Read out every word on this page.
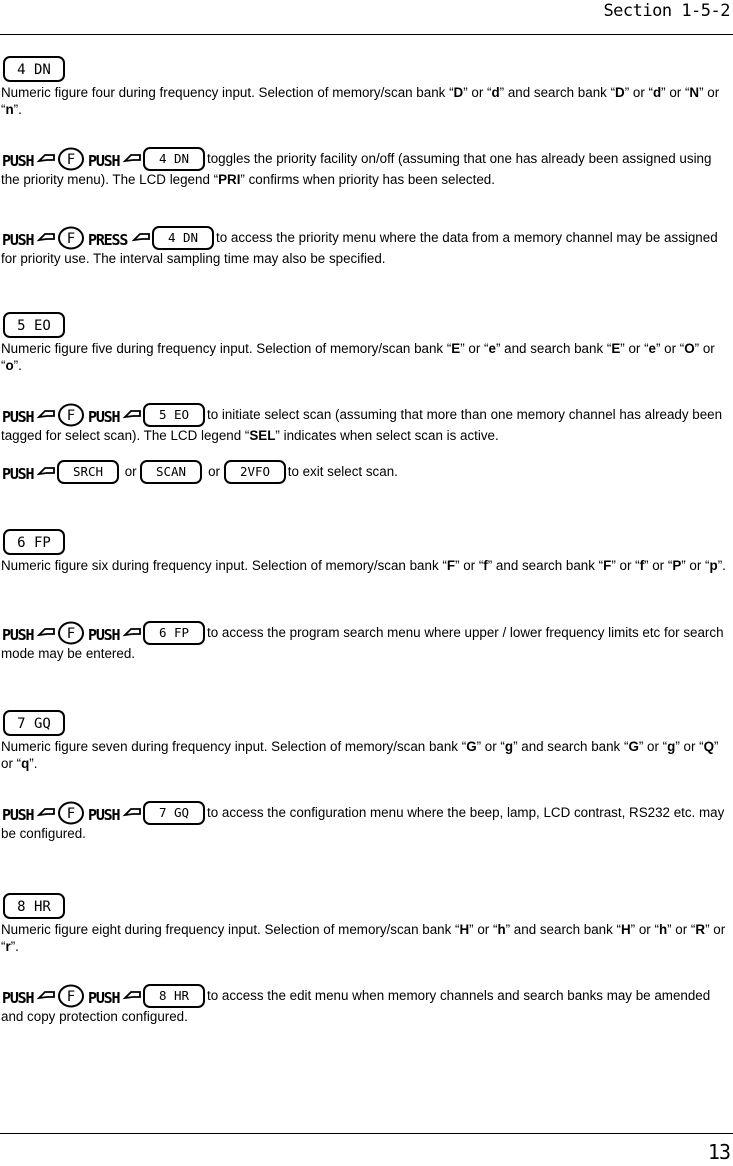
Section 1-5-2
4 DN

Numeric figure four during frequency input. Selection of memory/scan bank “D” or “d” and search bank “D” or “d” or “N” or “n”.

PUSH F PUSH	4 DN toggles the priority facility on/off (assuming that one has already been assigned using the priority menu). The LCD legend “PRI” confirms when priority has been selected.

PUSH F PRESS	4 DN to access the priority menu where the data from a memory channel may be assigned for priority use. The interval sampling time may also be specified.

5 EO

Numeric figure five during frequency input. Selection of memory/scan bank “E” or “e” and search bank “E” or “e” or “O” or “o”.

PUSH F PUSH	5 EO to initiate select scan (assuming that more than one memory channel has already been tagged for select scan). The LCD legend “SEL” indicates when select scan is active.

PUSH	SRCH or SCAN or 2VFO to exit select scan.

6 FP

Numeric figure six during frequency input. Selection of memory/scan bank “F” or “f” and search bank “F” or “f” or “P” or “p”.

PUSH F PUSH	6 FP to access the program search menu where upper / lower frequency limits etc for search mode may be entered.

7 GQ

Numeric figure seven during frequency input. Selection of memory/scan bank “G” or “g” and search bank “G” or “g” or “Q” or “q”.

PUSH F PUSH	7 GQ to access the configuration menu where the beep, lamp, LCD contrast, RS232 etc. may be configured.

8 HR

Numeric figure eight during frequency input. Selection of memory/scan bank “H” or “h” and search bank “H” or “h” or “R” or “r”.

PUSH F PUSH	8 HR to access the edit menu when memory channels and search banks may be amended and copy protection configured.

13
